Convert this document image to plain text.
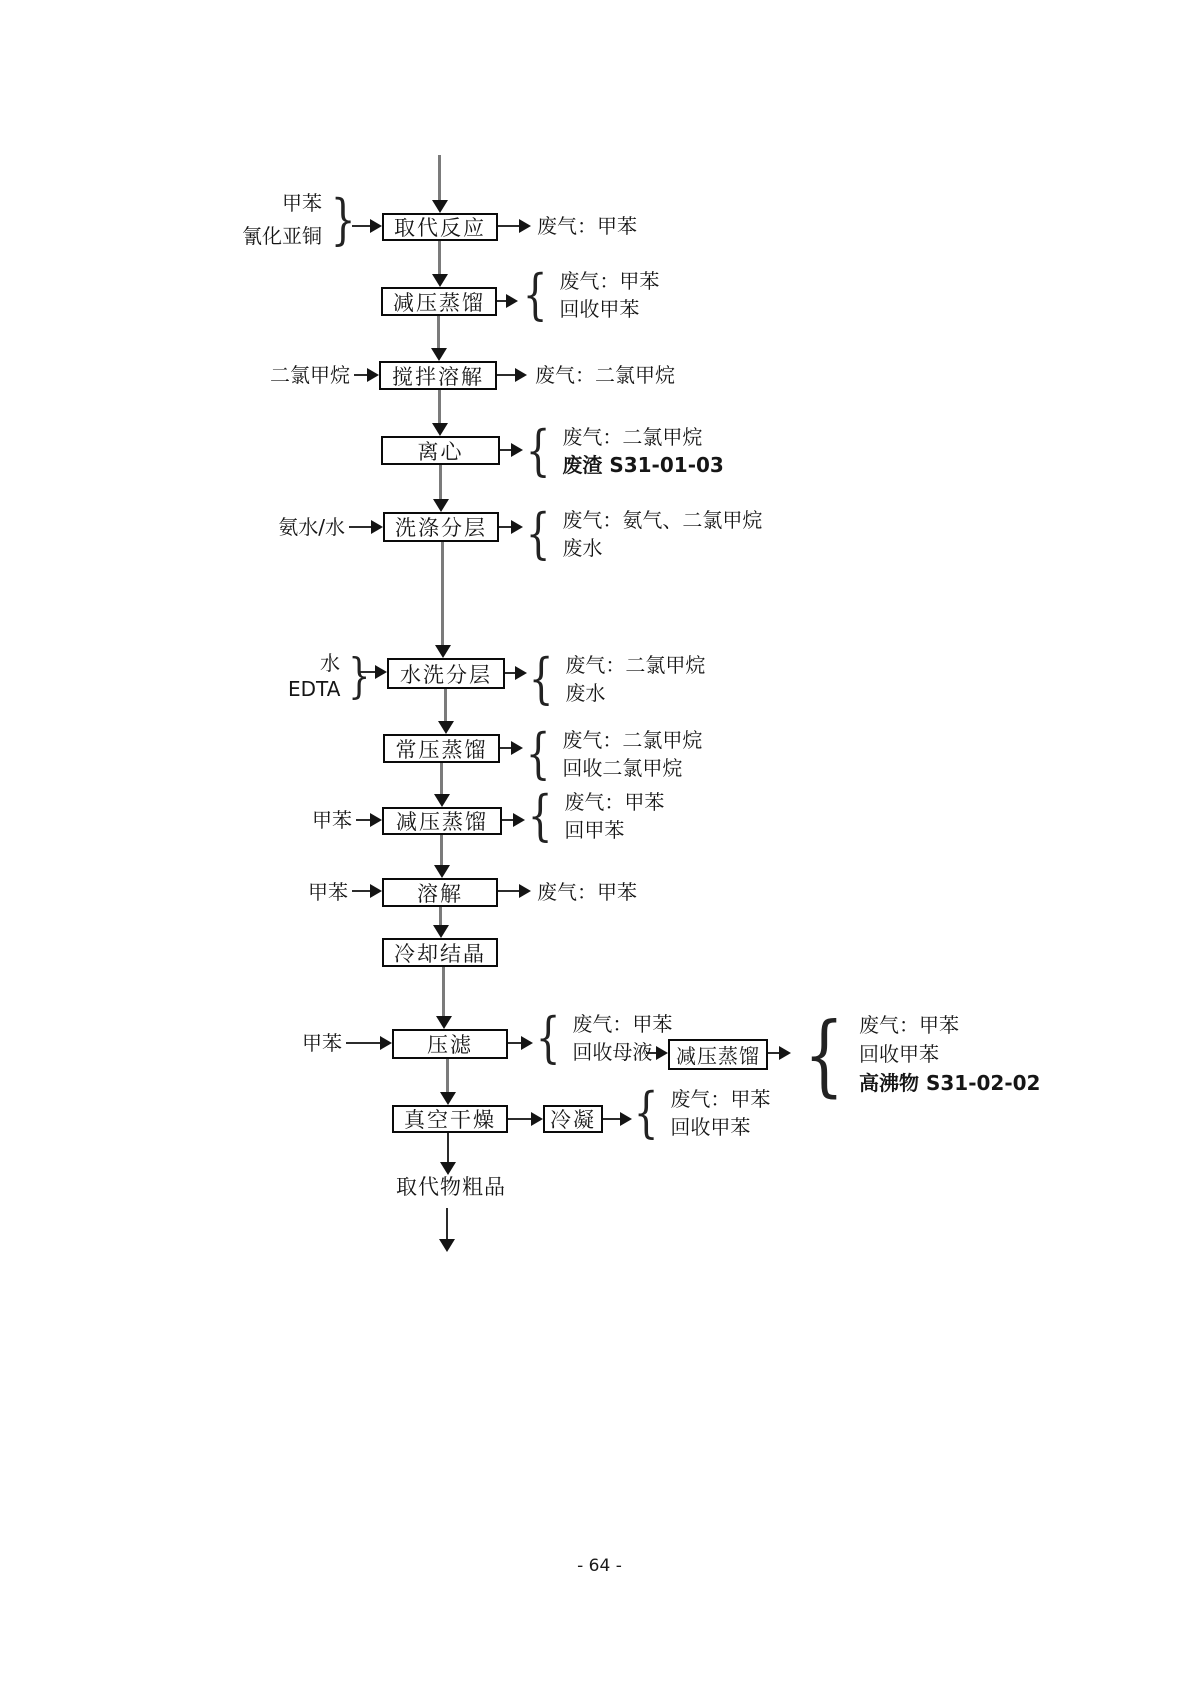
取代反应
减压蒸馏
搅拌溶解
离心
洗涤分层
水洗分层
常压蒸馏
减压蒸馏
溶解
冷却结晶
压滤	减压蒸馏
真空干燥	冷凝
甲苯
氰化亚铜
}
二氯甲烷
氨水/水
水
EDTA
}
甲苯
甲苯
甲苯
废气：甲苯
{
废气：甲苯
回收甲苯
废气：二氯甲烷
{
废气：二氯甲烷
废渣 S31-01-03
{
废气：氨气、二氯甲烷
废水
{
废气：二氯甲烷
废水
{
废气：二氯甲烷
回收二氯甲烷
{
废气：甲苯
回甲苯
废气：甲苯
{
废气：甲苯
回收母液
{
废气：甲苯
回收甲苯
高沸物 S31-02-02
{
废气：甲苯
回收甲苯
取代物粗品
- 64 -
